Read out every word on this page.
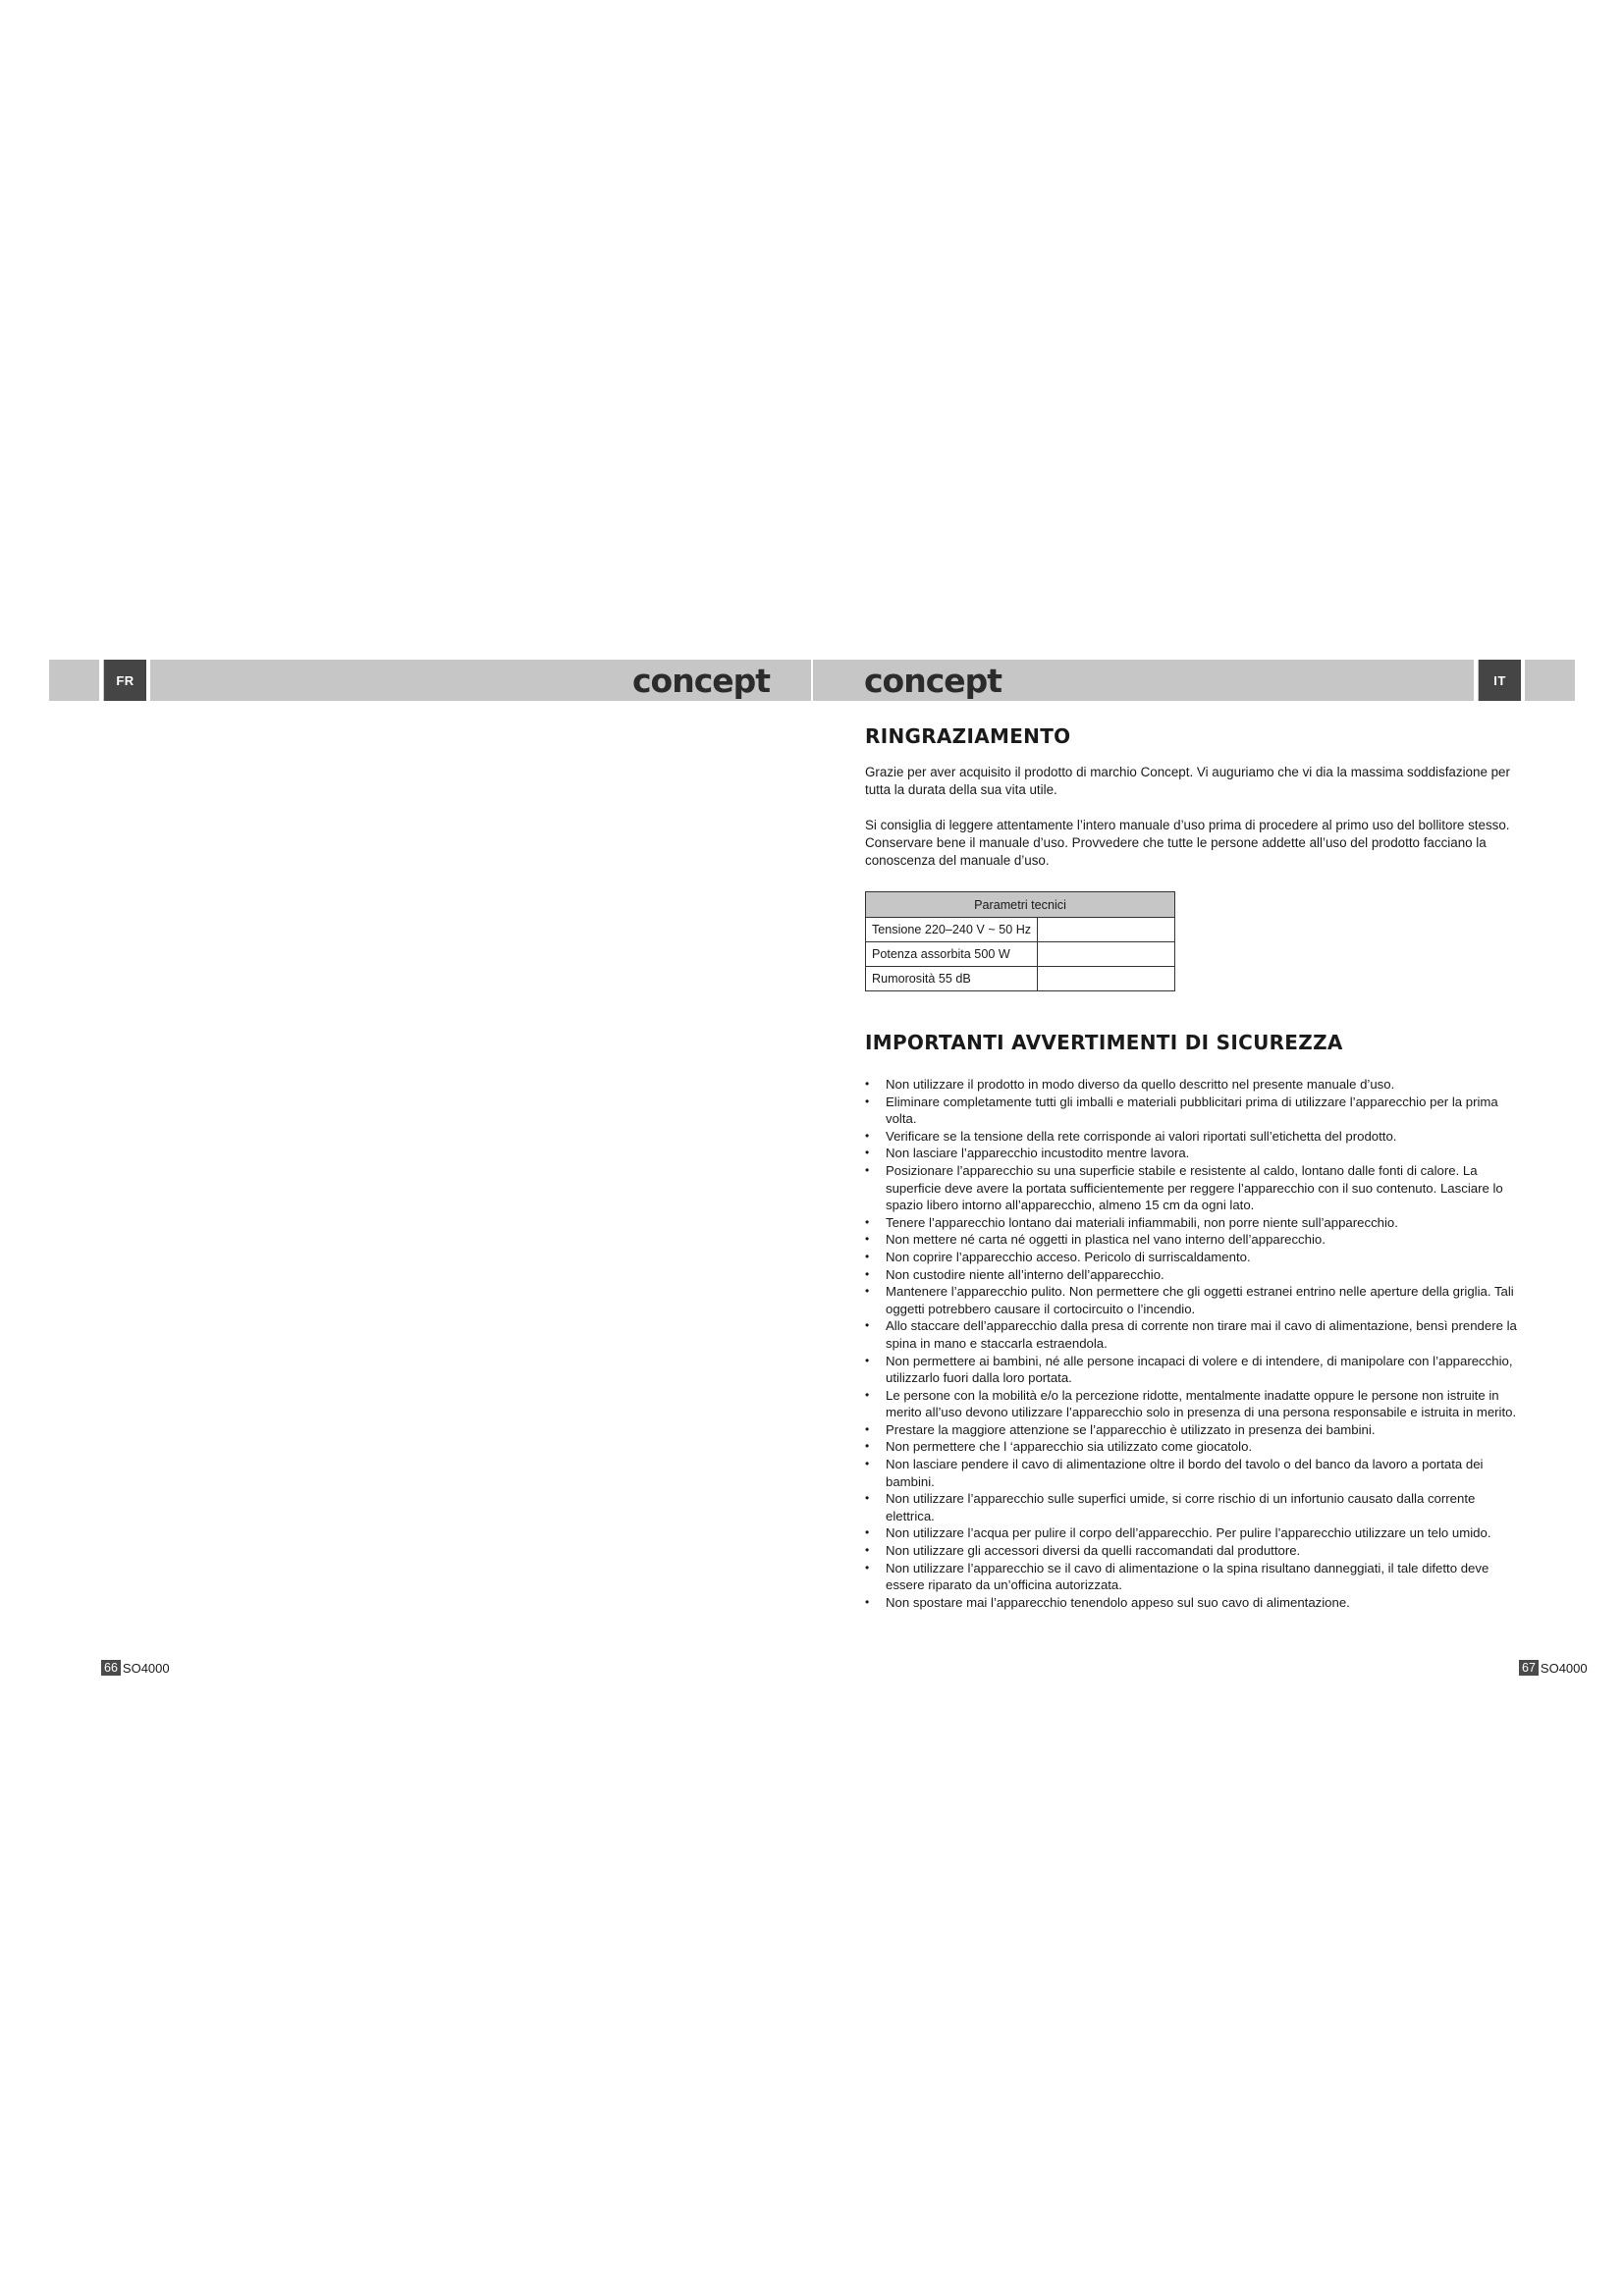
FR	IT
concept	concept
RINGRAZIAMENTO

Grazie per aver acquisito il prodotto di marchio Concept. Vi auguriamo che vi dia la massima soddisfazione per tutta la durata della sua vita utile.

Si consiglia di leggere attentamente l’intero manuale d’uso prima di procedere al primo uso del bollitore stesso. Conservare bene il manuale d’uso. Provvedere che tutte le persone addette all’uso del prodotto facciano la conoscenza del manuale d’uso.

Parametri tecnici	
Tensione 220–240 V ~ 50 Hz	
Potenza assorbita 500 W	
Rumorosità 55 dB	
IMPORTANTI AVVERTIMENTI DI SICUREZZA
• Non utilizzare il prodotto in modo diverso da quello descritto nel presente manuale d’uso.
• Eliminare completamente tutti gli imballi e materiali pubblicitari prima di utilizzare l’apparecchio per la prima volta.
• Verificare se la tensione della rete corrisponde ai valori riportati sull’etichetta del prodotto.
• Non lasciare l’apparecchio incustodito mentre lavora.
• Posizionare l’apparecchio su una superficie stabile e resistente al caldo, lontano dalle fonti di calore. La superficie deve avere la portata sufficientemente per reggere l’apparecchio con il suo contenuto. Lasciare lo spazio libero intorno all’apparecchio, almeno 15 cm da ogni lato.
• Tenere l’apparecchio lontano dai materiali infiammabili, non porre niente sull’apparecchio.
• Non mettere né carta né oggetti in plastica nel vano interno dell’apparecchio.
• Non coprire l’apparecchio acceso. Pericolo di surriscaldamento.
• Non custodire niente all’interno dell’apparecchio.
• Mantenere l’apparecchio pulito. Non permettere che gli oggetti estranei entrino nelle aperture della griglia. Tali oggetti potrebbero causare il cortocircuito o l’incendio.
• Allo staccare dell’apparecchio dalla presa di corrente non tirare mai il cavo di alimentazione, bensì prendere la spina in mano e staccarla estraendola.
• Non permettere ai bambini, né alle persone incapaci di volere e di intendere, di manipolare con l’apparecchio, utilizzarlo fuori dalla loro portata.
• Le persone con la mobilità e/o la percezione ridotte, mentalmente inadatte oppure le persone non istruite in merito all’uso devono utilizzare l’apparecchio solo in presenza di una persona responsabile e istruita in merito.
• Prestare la maggiore attenzione se l’apparecchio è utilizzato in presenza dei bambini.
• Non permettere che l ‘apparecchio sia utilizzato come giocatolo.
• Non lasciare pendere il cavo di alimentazione oltre il bordo del tavolo o del banco da lavoro a portata dei bambini.
• Non utilizzare l’apparecchio sulle superfici umide, si corre rischio di un infortunio causato dalla corrente elettrica.
• Non utilizzare l’acqua per pulire il corpo dell’apparecchio. Per pulire l’apparecchio utilizzare un telo umido.
• Non utilizzare gli accessori diversi da quelli raccomandati dal produttore.
• Non utilizzare l’apparecchio se il cavo di alimentazione o la spina risultano danneggiati, il tale difetto deve essere riparato da un’officina autorizzata.
• Non spostare mai l’apparecchio tenendolo appeso sul suo cavo di alimentazione.
66 SO4000	67 SO4000
